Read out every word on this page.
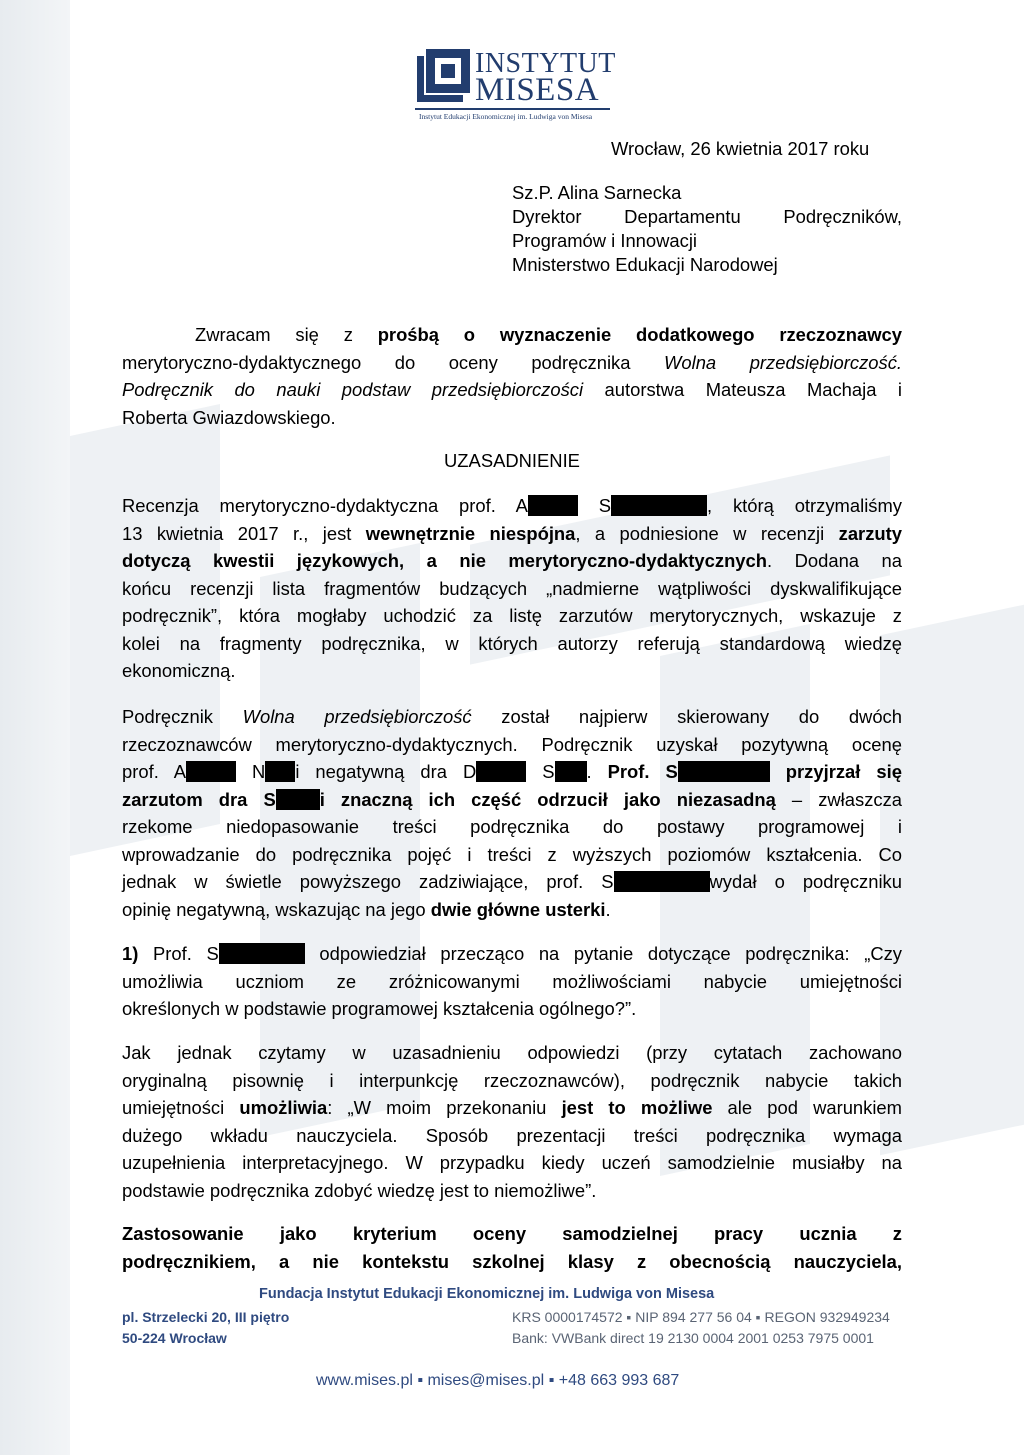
INSTYTUT
MISESA
Instytut Edukacji Ekonomicznej im. Ludwiga von Misesa
Wrocław, 26 kwietnia 2017 roku
Sz.P. Alina Sarnecka
Dyrektor Departamentu Podręczników,
Programów i Innowacji
Mnisterstwo Edukacji Narodowej
Zwracam się z prośbą o wyznaczenie dodatkowego rzeczoznawcy
merytoryczno-dydaktycznego do oceny podręcznika Wolna przedsiębiorczość.
Podręcznik do nauki podstaw przedsiębiorczości autorstwa Mateusza Machaja i
Roberta Gwiazdowskiego.
UZASADNIENIE
Recenzja merytoryczno-dydaktyczna prof. A	S	, którą otrzymaliśmy
13 kwietnia 2017 r., jest wewnętrznie niespójna, a podniesione w recenzji zarzuty
dotyczą kwestii językowych, a nie merytoryczno-dydaktycznych. Dodana na
końcu recenzji lista fragmentów budzących „nadmierne wątpliwości dyskwalifikujące
podręcznik”, która mogłaby uchodzić za listę zarzutów merytorycznych, wskazuje z
kolei na fragmenty podręcznika, w których autorzy referują standardową wiedzę
ekonomiczną.
Podręcznik Wolna przedsiębiorczość został najpierw skierowany do dwóch
rzeczoznawców merytoryczno-dydaktycznych. Podręcznik uzyskał pozytywną ocenę
prof. A	N i negatywną dra D	S . Prof. S	przyjrzał się
zarzutom dra S i znaczną ich część odrzucił jako niezasadną – zwłaszcza
rzekome niedopasowanie treści podręcznika do postawy programowej i
wprowadzanie do podręcznika pojęć i treści z wyższych poziomów kształcenia. Co
jednak w świetle powyższego zadziwiające, prof. S	wydał o podręczniku
opinię negatywną, wskazując na jego dwie główne usterki.
1) Prof. S	odpowiedział przecząco na pytanie dotyczące podręcznika: „Czy
umożliwia uczniom ze zróżnicowanymi możliwościami nabycie umiejętności
określonych w podstawie programowej kształcenia ogólnego?”.
Jak jednak czytamy w uzasadnieniu odpowiedzi (przy cytatach zachowano
oryginalną pisownię i interpunkcję rzeczoznawców), podręcznik nabycie takich
umiejętności umożliwia: „W moim przekonaniu jest to możliwe ale pod warunkiem
dużego wkładu nauczyciela. Sposób prezentacji treści podręcznika wymaga
uzupełnienia interpretacyjnego. W przypadku kiedy uczeń samodzielnie musiałby na
podstawie podręcznika zdobyć wiedzę jest to niemożliwe”.
Zastosowanie jako kryterium oceny samodzielnej pracy ucznia z
podręcznikiem, a nie kontekstu szkolnej klasy z obecnością nauczyciela,
Fundacja Instytut Edukacji Ekonomicznej im. Ludwiga von Misesa
pl. Strzelecki 20, III piętro
50-224 Wrocław
KRS 0000174572 ▪ NIP 894 277 56 04 ▪ REGON 932949234
Bank: VWBank direct 19 2130 0004 2001 0253 7975 0001
www.mises.pl ▪ mises@mises.pl ▪ +48 663 993 687
